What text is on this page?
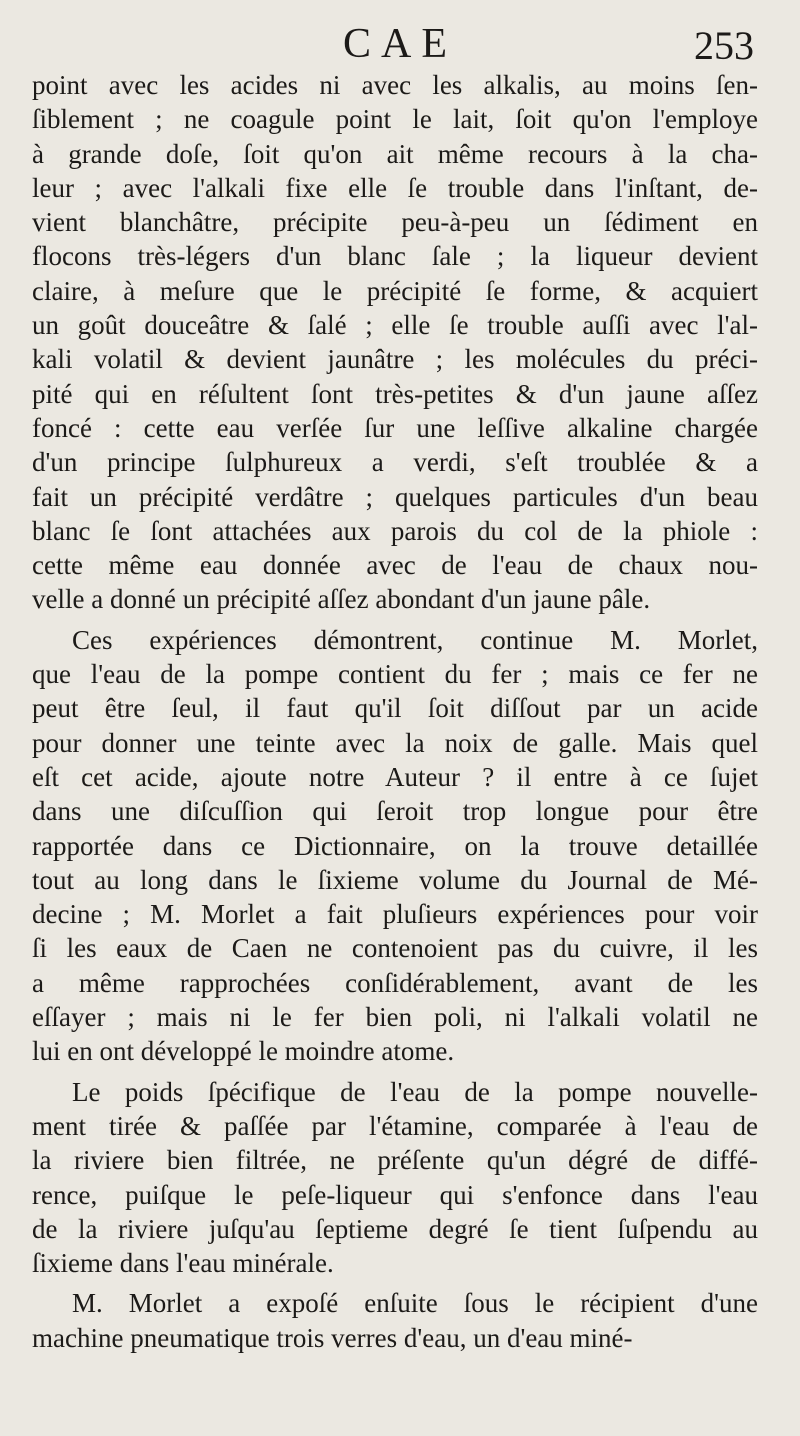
CAE	253
point avec les acides ni avec les alkalis, au moins ſen-
ſiblement ; ne coagule point le lait, ſoit qu'on l'employe
à grande doſe, ſoit qu'on ait même recours à la cha-
leur ; avec l'alkali fixe elle ſe trouble dans l'inſtant, de-
vient blanchâtre, précipite peu-à-peu un ſédiment en
flocons très-légers d'un blanc ſale ; la liqueur devient
claire, à meſure que le précipité ſe forme, & acquiert
un goût douceâtre & ſalé ; elle ſe trouble auſſi avec l'al-
kali volatil & devient jaunâtre ; les molécules du préci-
pité qui en réſultent ſont très-petites & d'un jaune aſſez
foncé : cette eau verſée ſur une leſſive alkaline chargée
d'un principe ſulphureux a verdi, s'eſt troublée & a
fait un précipité verdâtre ; quelques particules d'un beau
blanc ſe ſont attachées aux parois du col de la phiole :
cette même eau donnée avec de l'eau de chaux nou-
velle a donné un précipité aſſez abondant d'un jaune pâle.
Ces expériences démontrent, continue M. Morlet,
que l'eau de la pompe contient du fer ; mais ce fer ne
peut être ſeul, il faut qu'il ſoit diſſout par un acide
pour donner une teinte avec la noix de galle. Mais quel
eſt cet acide, ajoute notre Auteur ? il entre à ce ſujet
dans une diſcuſſion qui ſeroit trop longue pour être
rapportée dans ce Dictionnaire, on la trouve detaillée
tout au long dans le ſixieme volume du Journal de Mé-
decine ; M. Morlet a fait pluſieurs expériences pour voir
ſi les eaux de Caen ne contenoient pas du cuivre, il les
a même rapprochées conſidérablement, avant de les
eſſayer ; mais ni le fer bien poli, ni l'alkali volatil ne
lui en ont développé le moindre atome.
Le poids ſpécifique de l'eau de la pompe nouvelle-
ment tirée & paſſée par l'étamine, comparée à l'eau de
la riviere bien filtrée, ne préſente qu'un dégré de diffé-
rence, puiſque le peſe-liqueur qui s'enfonce dans l'eau
de la riviere juſqu'au ſeptieme degré ſe tient ſuſpendu au
ſixieme dans l'eau minérale.
M. Morlet a expoſé enſuite ſous le récipient d'une
machine pneumatique trois verres d'eau, un d'eau miné-
